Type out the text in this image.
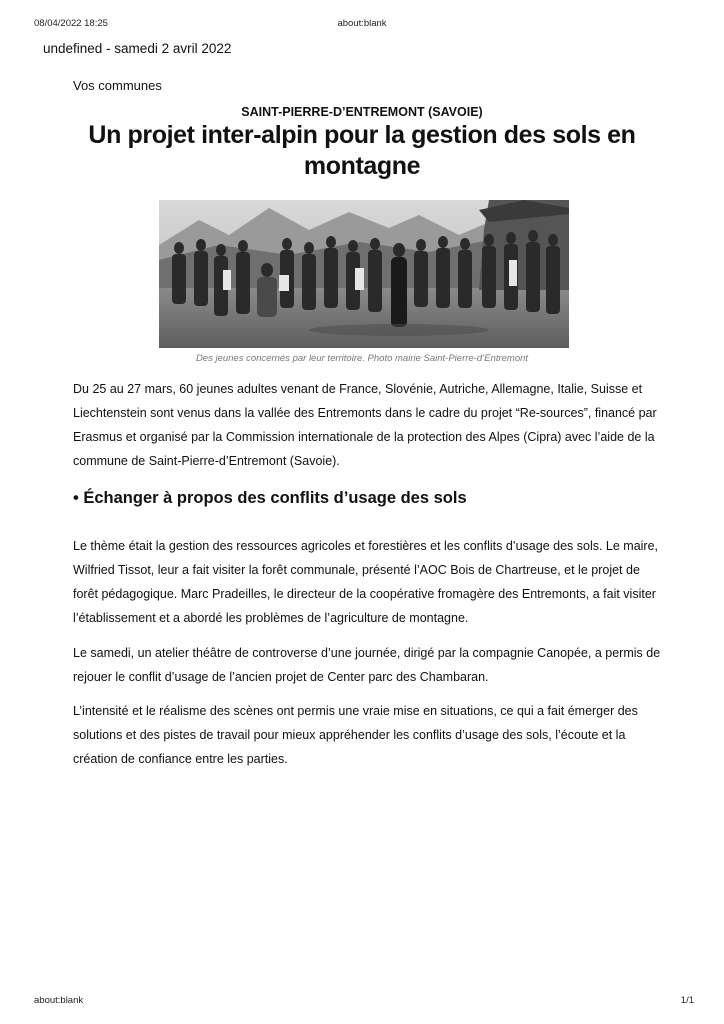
08/04/2022 18:25	about:blank
undefined - samedi 2 avril 2022
Vos communes
SAINT-PIERRE-D’ENTREMONT (SAVOIE)
Un projet inter-alpin pour la gestion des sols en montagne
Des jeunes concernés par leur territoire. Photo mairie Saint-Pierre-d’Entremont

Du 25 au 27 mars, 60 jeunes adultes venant de France, Slovénie, Autriche, Allemagne, Italie, Suisse et Liechtenstein sont venus dans la vallée des Entremonts dans le cadre du projet “Re-sources”, financé par Erasmus et organisé par la Commission internationale de la protection des Alpes (Cipra) avec l’aide de la commune de Saint-Pierre-d’Entremont (Savoie).

• Échanger à propos des conflits d’usage des sols

Le thème était la gestion des ressources agricoles et forestières et les conflits d’usage des sols. Le maire, Wilfried Tissot, leur a fait visiter la forêt communale, présenté l’AOC Bois de Chartreuse, et le projet de forêt pédagogique. Marc Pradeilles, le directeur de la coopérative fromagère des Entremonts, a fait visiter l’établissement et a abordé les problèmes de l’agriculture de montagne.

Le samedi, un atelier théâtre de controverse d’une journée, dirigé par la compagnie Canopée, a permis de rejouer le conflit d’usage de l’ancien projet de Center parc des Chambaran.

L’intensité et le réalisme des scènes ont permis une vraie mise en situations, ce qui a fait émerger des solutions et des pistes de travail pour mieux appréhender les conflits d’usage des sols, l’écoute et la création de confiance entre les parties.

about:blank	1/1
